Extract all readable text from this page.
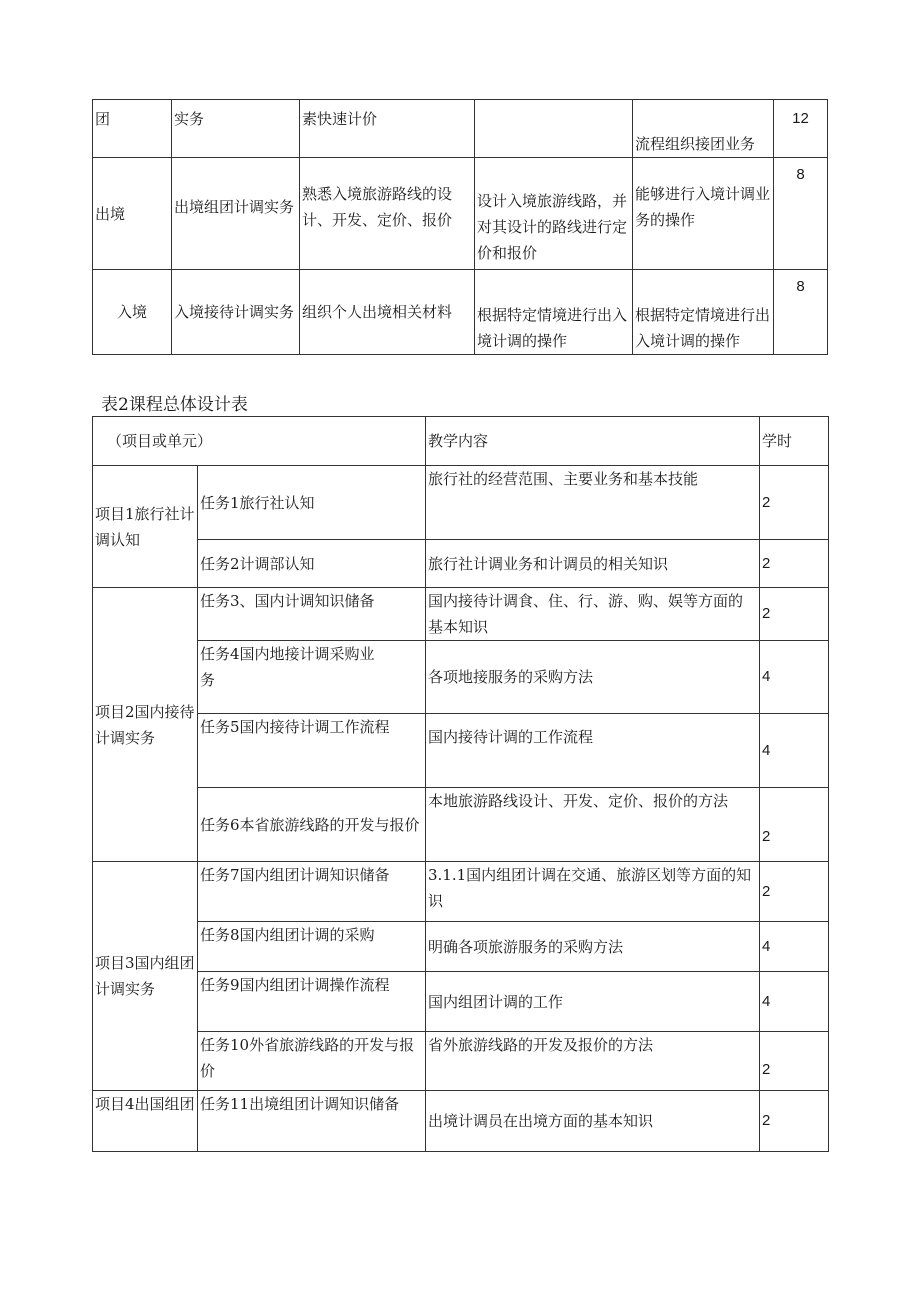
团	实务	素快速计价		流程组织接团业务	12
出境	出境组团计调实务	熟悉入境旅游路线的设计、开发、定价、报价	设计入境旅游线路，并对其设计的路线进行定价和报价	能够进行入境计调业务的操作	8
入境	入境接待计调实务	组织个人出境相关材料	根据特定情境进行出入境计调的操作	根据特定情境进行出入境计调的操作	8
表2课程总体设计表
（项目或单元）		教学内容	学时
项目1旅行社计调认知	任务1旅行社认知	旅行社的经营范围、主要业务和基本技能	2
	任务2计调部认知	旅行社计调业务和计调员的相关知识	2
项目2国内接待计调实务	任务3、国内计调知识储备	国内接待计调食、住、行、游、购、娱等方面的基本知识	2
	任务4国内地接计调采购业务	各项地接服务的采购方法	4
	任务5国内接待计调工作流程	国内接待计调的工作流程	4
	任务6本省旅游线路的开发与报价	本地旅游路线设计、开发、定价、报价的方法	2
项目3国内组团计调实务	任务7国内组团计调知识储备	3.1.1国内组团计调在交通、旅游区划等方面的知识	2
	任务8国内组团计调的采购	明确各项旅游服务的采购方法	4
	任务9国内组团计调操作流程	国内组团计调的工作	4
	任务10外省旅游线路的开发与报价	省外旅游线路的开发及报价的方法	2
项目4出国组团	任务11出境组团计调知识储备	出境计调员在出境方面的基本知识	2
